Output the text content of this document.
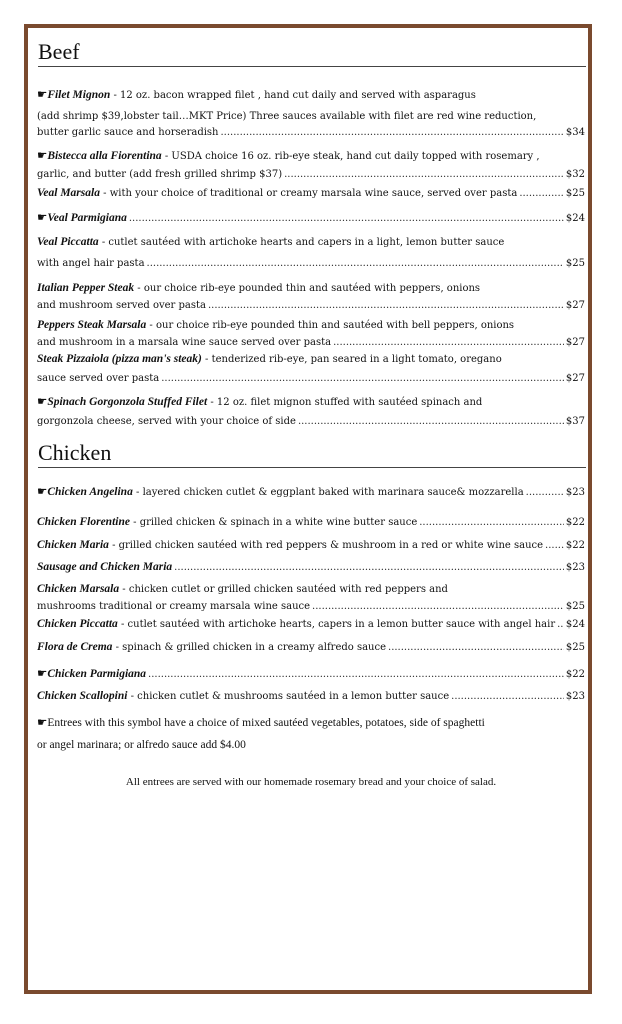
Beef
☛Filet Mignon - 12 oz. bacon wrapped filet , hand cut daily and served with asparagus
(add shrimp $39,lobster tail…MKT Price) Three sauces available with filet are red wine reduction,
butter garlic sauce and horseradish .....	$34
☛Bistecca alla Fiorentina - USDA choice 16 oz. rib-eye steak, hand cut daily topped with rosemary ,
garlic, and butter (add fresh grilled shrimp $37) .....	$32
Veal Marsala - with your choice of traditional or creamy marsala wine sauce, served over pasta .....	$25
☛Veal Parmigiana .....	$24
Veal Piccatta - cutlet sautéed with artichoke hearts and capers in a light, lemon butter sauce
with angel hair pasta .....	$25
Italian Pepper Steak - our choice rib-eye pounded thin and sautéed with peppers, onions
and mushroom served over pasta .....	$27
Peppers Steak Marsala - our choice rib-eye pounded thin and sautéed with bell peppers, onions
and mushroom in a marsala wine sauce served over pasta .....	$27
Steak Pizzaiola (pizza man's steak) - tenderized rib-eye, pan seared in a light tomato, oregano
sauce served over pasta .....	$27
☛Spinach Gorgonzola Stuffed Filet - 12 oz. filet mignon stuffed with sautéed spinach and
gorgonzola cheese, served with your choice of side .....	$37
Chicken
☛Chicken Angelina - layered chicken cutlet & eggplant baked with marinara sauce& mozzarella .....	$23
Chicken Florentine - grilled chicken & spinach in a white wine butter sauce .....	$22
Chicken Maria - grilled chicken sautéed with red peppers & mushroom in a red or white wine sauce ..... $22
Sausage and Chicken Maria .....	$23
Chicken Marsala - chicken cutlet or grilled chicken sautéed with red peppers and
mushrooms traditional or creamy marsala wine sauce .....	$25
Chicken Piccatta - cutlet sautéed with artichoke hearts, capers in a lemon butter sauce with angel hair ..... $24
Flora de Crema - spinach & grilled chicken in a creamy alfredo sauce .....	$25
☛Chicken Parmigiana .....	$22
Chicken Scallopini - chicken cutlet & mushrooms sautéed in a lemon butter sauce .....	$23
☛Entrees with this symbol have a choice of mixed sautéed vegetables, potatoes, side of spaghetti
or angel marinara; or alfredo sauce add $4.00
All entrees are served with our homemade rosemary bread and your choice of salad.
